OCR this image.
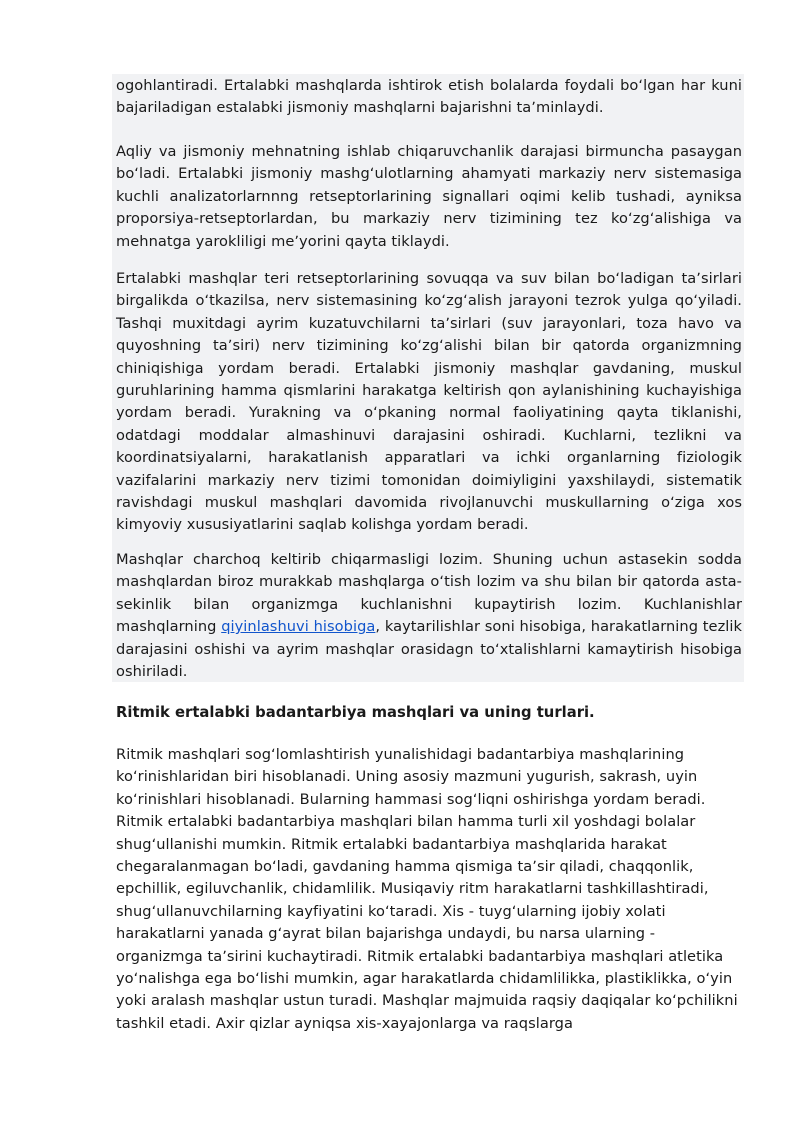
ogohlantiradi. Ertalabki mashqlarda ishtirok etish bolalarda foydali boʻlgan har kuni bajariladigan estalabki jismoniy mashqlarni bajarishni taʼminlaydi.

Aqliy va jismoniy mehnatning ishlab chiqaruvchanlik darajasi birmuncha pasaygan boʻladi. Ertalabki jismoniy mashgʻulotlarning ahamyati markaziy nerv sistemasiga kuchli analizatorlarnnng retseptorlarining signallari oqimi kelib tushadi, ayniksa proporsiya-retseptorlardan, bu markaziy nerv tizimining tez koʻzgʻalishiga va mehnatga yarokliligi meʼyorini qayta tiklaydi.

Ertalabki mashqlar teri retseptorlarining sovuqqa va suv bilan boʻladigan taʼsirlari birgalikda oʻtkazilsa, nerv sistemasining koʻzgʻalish jarayoni tezrok yulga qoʻyiladi. Tashqi muxitdagi ayrim kuzatuvchilarni taʼsirlari (suv jarayonlari, toza havo va quyoshning taʼsiri) nerv tizimining koʻzgʻalishi bilan bir qatorda organizmning chiniqishiga yordam beradi. Ertalabki jismoniy mashqlar gavdaning, muskul guruhlarining hamma qismlarini harakatga keltirish qon aylanishining kuchayishiga yordam beradi. Yurakning va oʻpkaning normal faoliyatining qayta tiklanishi, odatdagi moddalar almashinuvi darajasini oshiradi. Kuchlarni, tezlikni va koordinatsiyalarni, harakatlanish apparatlari va ichki organlarning fiziologik vazifalarini markaziy nerv tizimi tomonidan doimiyligini yaxshilaydi, sistematik ravishdagi muskul mashqlari davomida rivojlanuvchi muskullarning oʻziga xos kimyoviy xususiyatlarini saqlab kolishga yordam beradi.

Mashqlar charchoq keltirib chiqarmasligi lozim. Shuning uchun astasekin sodda mashqlardan biroz murakkab mashqlarga oʻtish lozim va shu bilan bir qatorda asta-sekinlik bilan organizmga kuchlanishni kupaytirish lozim. Kuchlanishlar mashqlarning qiyinlashuvi hisobiga, kaytarilishlar soni hisobiga, harakatlarning tezlik darajasini oshishi va ayrim mashqlar orasidagn toʻxtalishlarni kamaytirish hisobiga oshiriladi.

Ritmik ertalabki badantarbiya mashqlari va uning turlari.

Ritmik mashqlari sogʻlomlashtirish yunalishidagi badantarbiya mashqlarining koʻrinishlaridan biri hisoblanadi. Uning asosiy mazmuni yugurish, sakrash, uyin koʻrinishlari hisoblanadi. Bularning hammasi sogʻliqni oshirishga yordam beradi. Ritmik ertalabki badantarbiya mashqlari bilan hamma turli xil yoshdagi bolalar shugʻullanishi mumkin. Ritmik ertalabki badantarbiya mashqlarida harakat chegaralanmagan boʻladi, gavdaning hamma qismiga taʼsir qiladi, chaqqonlik, epchillik, egiluvchanlik, chidamlilik. Musiqaviy ritm harakatlarni tashkillashtiradi, shugʻullanuvchilarning kayfiyatini koʻtaradi. Xis - tuygʻularning ijobiy xolati harakatlarni yanada gʻayrat bilan bajarishga undaydi, bu narsa ularning - organizmga taʼsirini kuchaytiradi. Ritmik ertalabki badantarbiya mashqlari atletika yoʻnalishga ega boʻlishi mumkin, agar harakatlarda chidamlilikka, plastiklikka, oʻyin yoki aralash mashqlar ustun turadi. Mashqlar majmuida raqsiy daqiqalar koʻpchilikni tashkil etadi. Axir qizlar ayniqsa xis-xayajonlarga va raqslarga
